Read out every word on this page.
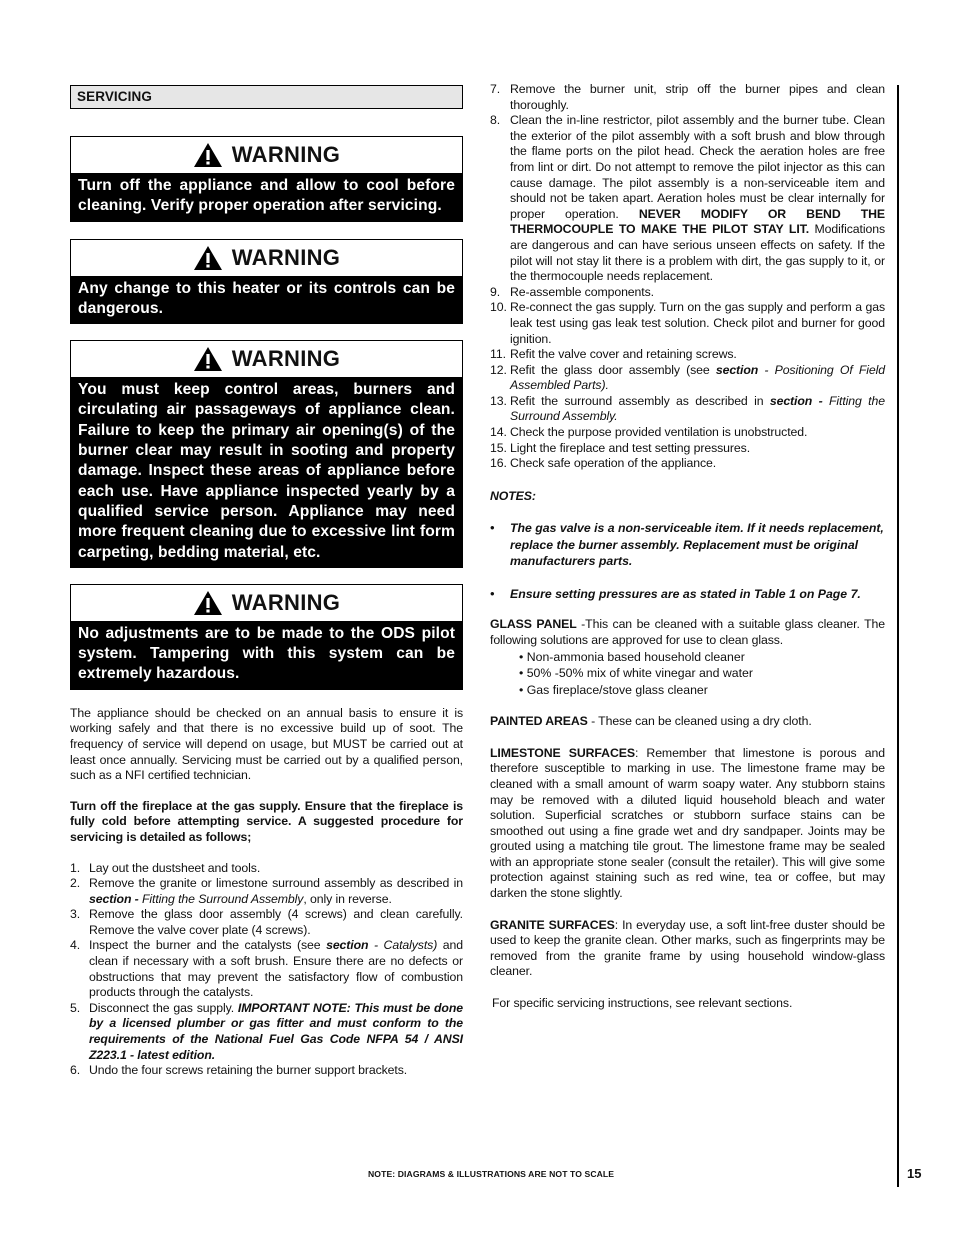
SERVICING
WARNING
Turn off the appliance and allow to cool before cleaning. Verify proper operation after servicing.
WARNING
Any change to this heater or its controls can be dangerous.
WARNING
You must keep control areas, burners and circulating air passageways of appliance clean. Failure to keep the primary air opening(s) of the burner clear may result in sooting and property damage. Inspect these areas of appliance before each use. Have appliance inspected yearly by a qualified service person. Appliance may need more frequent cleaning due to excessive lint form carpeting, bedding material, etc.
WARNING
No adjustments are to be made to the ODS pilot system. Tampering with this system can be extremely hazardous.

The appliance should be checked on an annual basis to ensure it is working safely and that there is no excessive build up of soot. The frequency of service will depend on usage, but MUST be carried out at least once annually. Servicing must be carried out by a qualified person, such as a NFI certified technician.

Turn off the fireplace at the gas supply. Ensure that the fireplace is fully cold before attempting service. A suggested procedure for servicing is detailed as follows;

1. Lay out the dustsheet and tools.
2. Remove the granite or limestone surround assembly as described in section - Fitting the Surround Assembly, only in reverse.
3. Remove the glass door assembly (4 screws) and clean carefully. Remove the valve cover plate (4 screws).
4. Inspect the burner and the catalysts (see section - Catalysts) and clean if necessary with a soft brush. Ensure there are no defects or obstructions that may prevent the satisfactory flow of combustion products through the catalysts.
5. Disconnect the gas supply. IMPORTANT NOTE: This must be done by a licensed plumber or gas fitter and must conform to the requirements of the National Fuel Gas Code NFPA 54 / ANSI Z223.1 - latest edition.
6. Undo the four screws retaining the burner support brackets.
7. Remove the burner unit, strip off the burner pipes and clean thoroughly.
8. Clean the in-line restrictor, pilot assembly and the burner tube. Clean the exterior of the pilot assembly with a soft brush and blow through the flame ports on the pilot head. Check the aeration holes are free from lint or dirt. Do not attempt to remove the pilot injector as this can cause damage. The pilot assembly is a non-serviceable item and should not be taken apart. Aeration holes must be clear internally for proper operation. NEVER MODIFY OR BEND THE THERMOCOUPLE TO MAKE THE PILOT STAY LIT. Modifications are dangerous and can have serious unseen effects on safety. If the pilot will not stay lit there is a problem with dirt, the gas supply to it, or the thermocouple needs replacement.
9. Re-assemble components.
10. Re-connect the gas supply. Turn on the gas supply and perform a gas leak test using gas leak test solution. Check pilot and burner for good ignition.
11. Refit the valve cover and retaining screws.
12. Refit the glass door assembly (see section - Positioning Of Field Assembled Parts).
13. Refit the surround assembly as described in section - Fitting the Surround Assembly.
14. Check the purpose provided ventilation is unobstructed.
15. Light the fireplace and test setting pressures.
16. Check safe operation of the appliance.

NOTES:

•	The gas valve is a non-serviceable item. If it needs replacement, replace the burner assembly. Replacement must be original manufacturers parts.
•	Ensure setting pressures are as stated in Table 1 on Page 7.

GLASS PANEL -This can be cleaned with a suitable glass cleaner. The following solutions are approved for use to clean glass.

• Non-ammonia based household cleaner
• 50% -50% mix of white vinegar and water
• Gas fireplace/stove glass cleaner

PAINTED AREAS - These can be cleaned using a dry cloth.

LIMESTONE SURFACES: Remember that limestone is porous and therefore susceptible to marking in use. The limestone frame may be cleaned with a small amount of warm soapy water. Any stubborn stains may be removed with a diluted liquid household bleach and water solution. Superficial scratches or stubborn surface stains can be smoothed out using a fine grade wet and dry sandpaper. Joints may be grouted using a matching tile grout. The limestone frame may be sealed with an appropriate stone sealer (consult the retailer). This will give some protection against staining such as red wine, tea or coffee, but may darken the stone slightly.

GRANITE SURFACES: In everyday use, a soft lint-free duster should be used to keep the granite clean. Other marks, such as fingerprints may be removed from the granite frame by using household window-glass cleaner.

For specific servicing instructions, see relevant sections.

NOTE: DIAGRAMS & ILLUSTRATIONS ARE NOT TO SCALE	15
